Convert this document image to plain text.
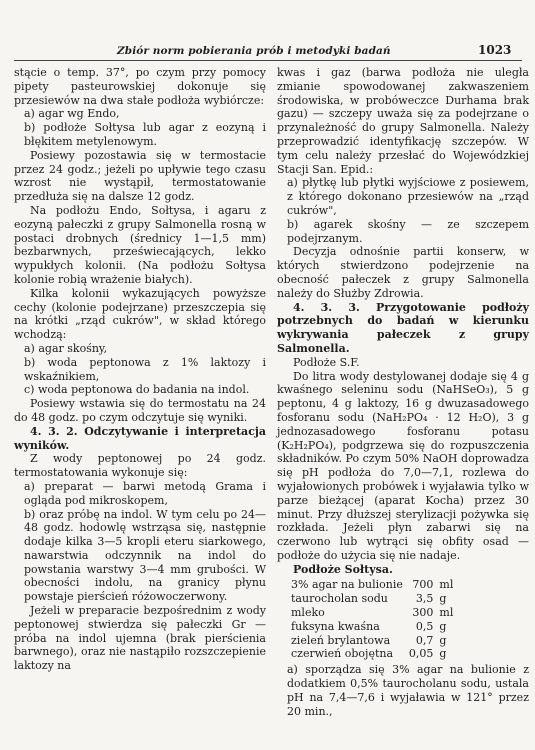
Zbiór norm pobierania prób i metodyki badań	1023

stącie o temp. 37°, po czym przy pomocy pipety pasteurowskiej dokonuje się przesiewów na dwa stałe podłoża wybiórcze:

a) agar wg Endo,

b) podłoże Sołtysa lub agar z eozyną i błękitem metylenowym.

Posiewy pozostawia się w termostacie przez 24 godz.; jeżeli po upływie tego czasu wzrost nie wystąpił, termostatowanie przedłuża się na dalsze 12 godz.

Na podłożu Endo, Sołtysa, i agaru z eozyną pałeczki z grupy Salmonella rosną w postaci drobnych (średnicy 1—1,5 mm) bezbarwnych, przeświecających, lekko wypukłych kolonii. (Na podłożu Sołtysa kolonie robią wrażenie białych).

Kilka kolonii wykazujących powyższe cechy (kolonie podejrzane) przeszczepia się na krótki „rząd cukrów", w skład którego wchodzą:

a) agar skośny,

b) woda peptonowa z 1% laktozy i wskaźnikiem,

c) woda peptonowa do badania na indol.

Posiewy wstawia się do termostatu na 24 do 48 godz. po czym odczytuje się wyniki.

4. 3. 2. Odczytywanie i interpretacja wyników.

Z wody peptonowej po 24 godz. termostatowania wykonuje się:

a) preparat — barwi metodą Grama i ogląda pod mikroskopem,

b) oraz próbę na indol. W tym celu po 24—48 godz. hodowlę wstrząsa się, następnie dodaje kilka 3—5 kropli eteru siarkowego, nawarstwia odczynnik na indol do powstania warstwy 3—4 mm grubości. W obecności indolu, na granicy płynu powstaje pierścień różowoczerwony.

Jeżeli w preparacie bezpośrednim z wody peptonowej stwierdza się pałeczki Gr — próba na indol ujemna (brak pierścienia barwnego), oraz nie nastąpiło rozszczepienie laktozy na

kwas i gaz (barwa podłoża nie uległa zmianie spowodowanej zakwaszeniem środowiska, w probóweczce Durhama brak gazu) — szczepy uważa się za podejrzane o przynależność do grupy Salmonella. Należy przeprowadzić identyfikację szczepów. W tym celu należy przesłać do Wojewódzkiej Stacji San. Epid.:

a) płytkę lub płytki wyjściowe z posiewem, z którego dokonano przesiewów na „rząd cukrów",

b) agarek skośny — ze szczepem podejrzanym.

Decyzja odnośnie partii konserw, w których stwierdzono podejrzenie na obecność pałeczek z grupy Salmonella należy do Służby Zdrowia.

4. 3. 3. Przygotowanie podłoży potrzebnych do badań w kierunku wykrywania pałeczek z grupy Salmonella.

Podłoże S.F.

Do litra wody destylowanej dodaje się 4 g kwaśnego seleninu sodu (NaHSeO₃), 5 g peptonu, 4 g laktozy, 16 g dwuzasadowego fosforanu sodu (NaH₂PO₄ · 12 H₂O), 3 g jednozasadowego fosforanu potasu (K₂H₂PO₄), podgrzewa się do rozpuszczenia składników. Po czym 50% NaOH doprowadza się pH podłoża do 7,0—7,1, rozlewa do wyjałowionych probówek i wyjaławia tylko w parze bieżącej (aparat Kocha) przez 30 minut. Przy dłuższej sterylizacji pożywka się rozkłada. Jeżeli płyn zabarwi się na czerwono lub wytrąci się obfity osad — podłoże do użycia się nie nadaje.

Podłoże Sołtysa.

3% agar na bulionie	700	ml
taurocholan sodu	3,5	g
mleko	300	ml
fuksyna kwaśna	0,5	g
zieleń brylantowa	0,7	g
czerwień obojętna	0,05	g

a) sporządza się 3% agar na bulionie z dodatkiem 0,5% taurocholanu sodu, ustala pH na 7,4—7,6 i wyjaławia w 121° przez 20 min.,
